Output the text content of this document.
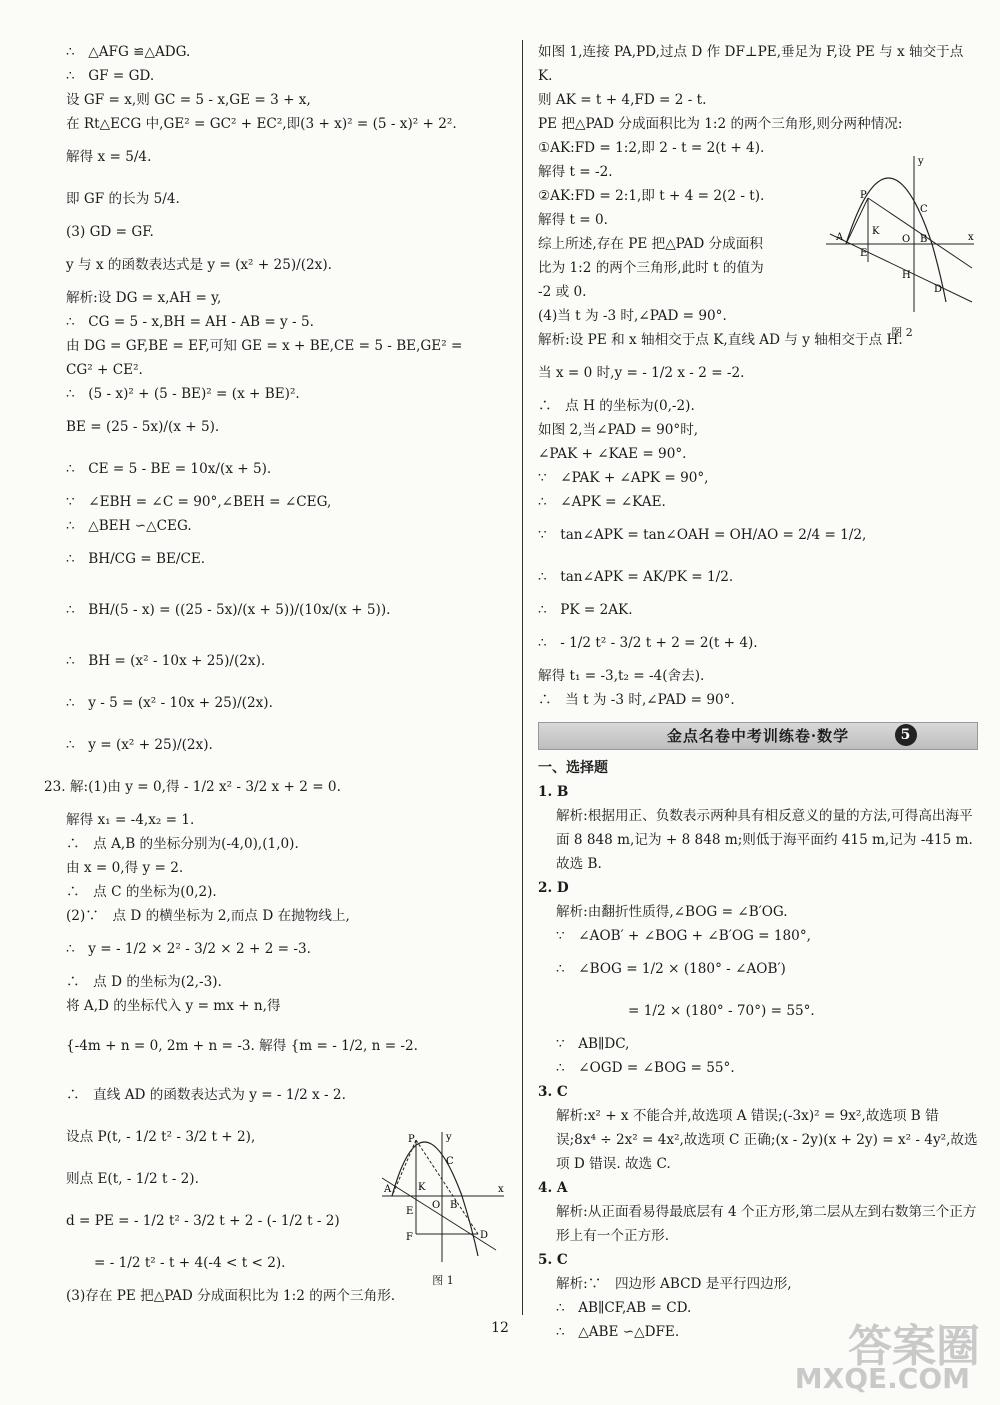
∴　△AFG ≌△ADG.

∴　GF = GD.

设 GF = x,则 GC = 5 - x,GE = 3 + x,

在 Rt△ECG 中,GE² = GC² + EC²,即(3 + x)² = (5 - x)² + 2².

解得 x = 5/4.

即 GF 的长为 5/4.

(3) GD = GF.

y 与 x 的函数表达式是 y = (x² + 25)/(2x).

解析:设 DG = x,AH = y,

∴　CG = 5 - x,BH = AH - AB = y - 5.

由 DG = GF,BE = EF,可知 GE = x + BE,CE = 5 - BE,GE² =

CG² + CE².

∴　(5 - x)² + (5 - BE)² = (x + BE)².

BE = (25 - 5x)/(x + 5).

∴　CE = 5 - BE = 10x/(x + 5).

∵　∠EBH = ∠C = 90°,∠BEH = ∠CEG,

∴　△BEH ∽△CEG.

∴　BH/CG = BE/CE.

∴　BH/(5 - x) = ((25 - 5x)/(x + 5))/(10x/(x + 5)).

∴　BH = (x² - 10x + 25)/(2x).

∴　y - 5 = (x² - 10x + 25)/(2x).

∴　y = (x² + 25)/(2x).

23. 解:(1)由 y = 0,得 - 1/2 x² - 3/2 x + 2 = 0.

解得 x₁ = -4,x₂ = 1.

∴　点 A,B 的坐标分别为(-4,0),(1,0).

由 x = 0,得 y = 2.

∴　点 C 的坐标为(0,2).

(2)∵　点 D 的横坐标为 2,而点 D 在抛物线上,

∴　y = - 1/2 × 2² - 3/2 × 2 + 2 = -3.

∴　点 D 的坐标为(2,-3).

将 A,D 的坐标代入 y = mx + n,得

{-4m + n = 0, 2m + n = -3. 解得 {m = - 1/2, n = -2.

∴　直线 AD 的函数表达式为 y = - 1/2 x - 2.

设点 P(t, - 1/2 t² - 3/2 t + 2),

则点 E(t, - 1/2 t - 2).

d = PE = - 1/2 t² - 3/2 t + 2 - (- 1/2 t - 2)

= - 1/2 t² - t + 4(-4 < t < 2).

(3)存在 PE 把△PAD 分成面积比为 1:2 的两个三角形.

y
x
P
C
K
A
O B
E
F	D
图 1

如图 1,连接 PA,PD,过点 D 作 DF⊥PE,垂足为 F,设 PE 与 x 轴交于点 K.

则 AK = t + 4,FD = 2 - t.

PE 把△PAD 分成面积比为 1:2 的两个三角形,则分两种情况:

①AK:FD = 1:2,即 2 - t = 2(t + 4).

解得 t = -2.

②AK:FD = 2:1,即 t + 4 = 2(2 - t).

解得 t = 0.

综上所述,存在 PE 把△PAD 分成面积

比为 1:2 的两个三角形,此时 t 的值为

-2 或 0.

(4)当 t 为 -3 时,∠PAD = 90°.

解析:设 PE 和 x 轴相交于点 K,直线 AD 与 y 轴相交于点 H.

当 x = 0 时,y = - 1/2 x - 2 = -2.

∴　点 H 的坐标为(0,-2).

如图 2,当∠PAD = 90°时,

∠PAK + ∠KAE = 90°.

∵　∠PAK + ∠APK = 90°,

∴　∠APK = ∠KAE.

∵　tan∠APK = tan∠OAH = OH/AO = 2/4 = 1/2,

∴　tan∠APK = AK/PK = 1/2.

∴　PK = 2AK.

∴　- 1/2 t² - 3/2 t + 2 = 2(t + 4).

解得 t₁ = -3,t₂ = -4(舍去).

∴　当 t 为 -3 时,∠PAD = 90°.

金点名卷中考训练卷·数学	5
一、选择题

1. B

解析:根据用正、负数表示两种具有相反意义的量的方法,可得高出海平面 8 848 m,记为 + 8 848 m;则低于海平面约 415 m,记为 -415 m. 故选 B.

2. D

解析:由翻折性质得,∠BOG = ∠B′OG.

∵　∠AOB′ + ∠BOG + ∠B′OG = 180°,

∴　∠BOG = 1/2 × (180° - ∠AOB′)

= 1/2 × (180° - 70°) = 55°.

∵　AB∥DC,

∴　∠OGD = ∠BOG = 55°.

3. C

解析:x² + x 不能合并,故选项 A 错误;(-3x)² = 9x²,故选项 B 错误;8x⁴ ÷ 2x² = 4x²,故选项 C 正确;(x - 2y)(x + 2y) = x² - 4y²,故选项 D 错误. 故选 C.

4. A

解析:从正面看易得最底层有 4 个正方形,第二层从左到右数第三个正方形上有一个正方形.

5. C

解析:∵　四边形 ABCD 是平行四边形,

∴　AB∥CF,AB = CD.

∴　△ABE ∽△DFE.

y
x
P
C
K
A
E
O B
H
D
图 2
12	答案圈
MXQE.COM
